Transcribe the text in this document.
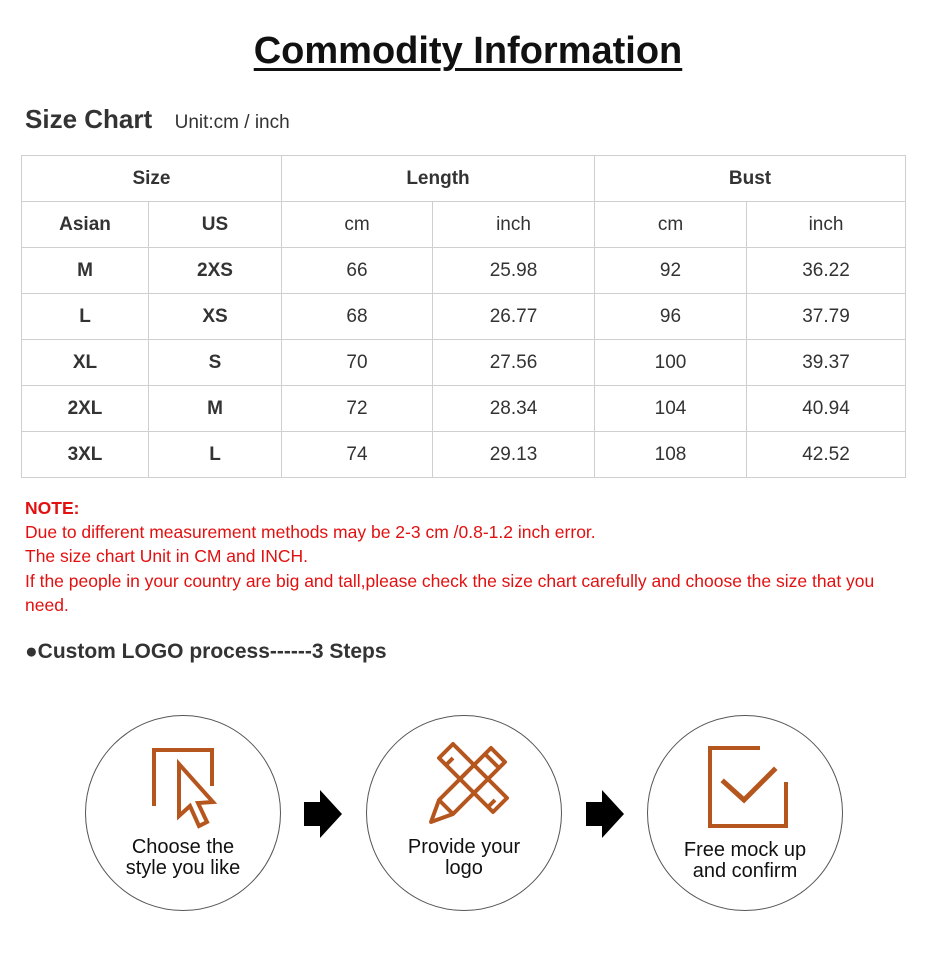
Commodity Information
Size Chart Unit:cm / inch
Size		Length		Bust	
Asian	US	cm	inch	cm	inch
M	2XS	66	25.98	92	36.22
L	XS	68	26.77	96	37.79
XL	S	70	27.56	100	39.37
2XL	M	72	28.34	104	40.94
3XL	L	74	29.13	108	42.52
NOTE:
Due to different measurement methods may be 2-3 cm /0.8-1.2 inch error.
The size chart Unit in CM and INCH.
If the people in your country are big and tall,please check the size chart carefully and choose the size that you need.
●Custom LOGO process------3 Steps
Choose the
style you like
Provide your
logo
Free mock up
and confirm
